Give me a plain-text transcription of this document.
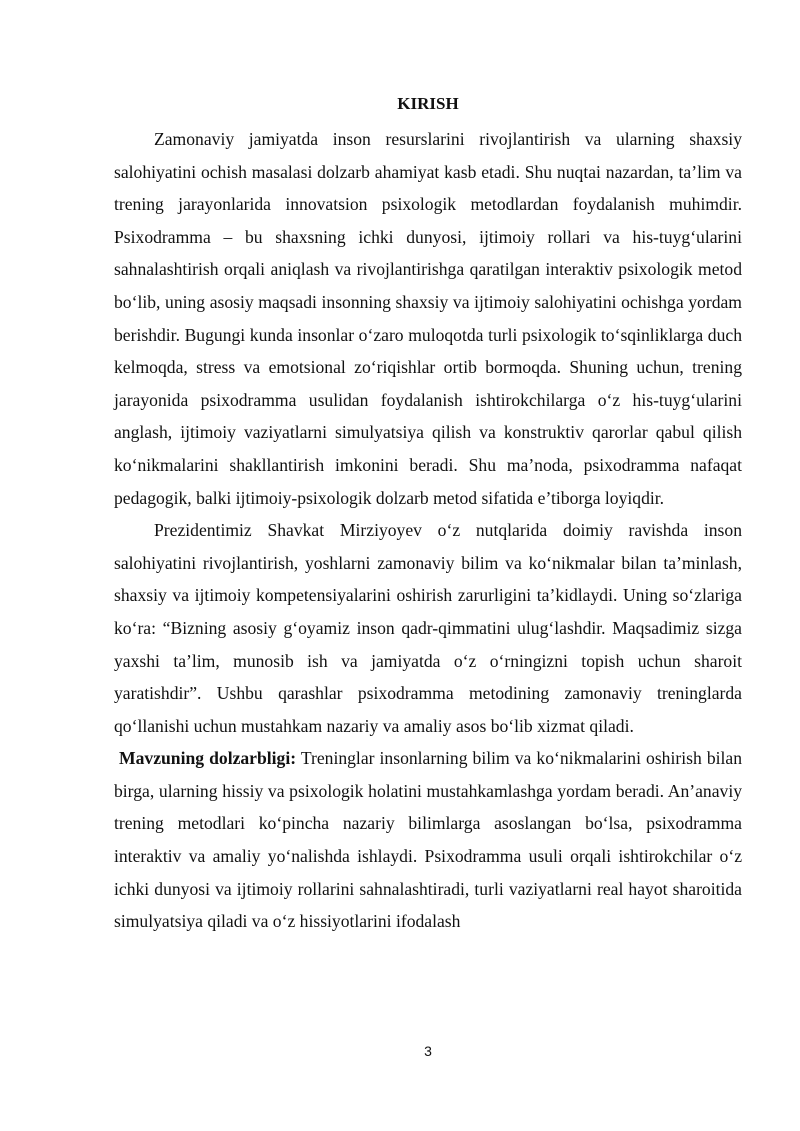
KIRISH

Zamonaviy jamiyatda inson resurslarini rivojlantirish va ularning shaxsiy salohiyatini ochish masalasi dolzarb ahamiyat kasb etadi. Shu nuqtai nazardan, ta’lim va trening jarayonlarida innovatsion psixologik metodlardan foydalanish muhimdir. Psixodramma – bu shaxsning ichki dunyosi, ijtimoiy rollari va his-tuyg‘ularini sahnalashtirish orqali aniqlash va rivojlantirishga qaratilgan interaktiv psixologik metod bo‘lib, uning asosiy maqsadi insonning shaxsiy va ijtimoiy salohiyatini ochishga yordam berishdir. Bugungi kunda insonlar o‘zaro muloqotda turli psixologik to‘sqinliklarga duch kelmoqda, stress va emotsional zo‘riqishlar ortib bormoqda. Shuning uchun, trening jarayonida psixodramma usulidan foydalanish ishtirokchilarga o‘z his-tuyg‘ularini anglash, ijtimoiy vaziyatlarni simulyatsiya qilish va konstruktiv qarorlar qabul qilish ko‘nikmalarini shakllantirish imkonini beradi. Shu ma’noda, psixodramma nafaqat pedagogik, balki ijtimoiy-psixologik dolzarb metod sifatida e’tiborga loyiqdir.

Prezidentimiz Shavkat Mirziyoyev o‘z nutqlarida doimiy ravishda inson salohiyatini rivojlantirish, yoshlarni zamonaviy bilim va ko‘nikmalar bilan ta’minlash, shaxsiy va ijtimoiy kompetensiyalarini oshirish zarurligini ta’kidlaydi. Uning so‘zlariga ko‘ra: “Bizning asosiy g‘oyamiz inson qadr-qimmatini ulug‘lashdir. Maqsadimiz sizga yaxshi ta’lim, munosib ish va jamiyatda o‘z o‘rningizni topish uchun sharoit yaratishdir”. Ushbu qarashlar psixodramma metodining zamonaviy treninglarda qo‘llanishi uchun mustahkam nazariy va amaliy asos bo‘lib xizmat qiladi.

Mavzuning dolzarbligi: Treninglar insonlarning bilim va ko‘nikmalarini oshirish bilan birga, ularning hissiy va psixologik holatini mustahkamlashga yordam beradi. An’anaviy trening metodlari ko‘pincha nazariy bilimlarga asoslangan bo‘lsa, psixodramma interaktiv va amaliy yo‘nalishda ishlaydi. Psixodramma usuli orqali ishtirokchilar o‘z ichki dunyosi va ijtimoiy rollarini sahnalashtiradi, turli vaziyatlarni real hayot sharoitida simulyatsiya qiladi va o‘z hissiyotlarini ifodalash

3
